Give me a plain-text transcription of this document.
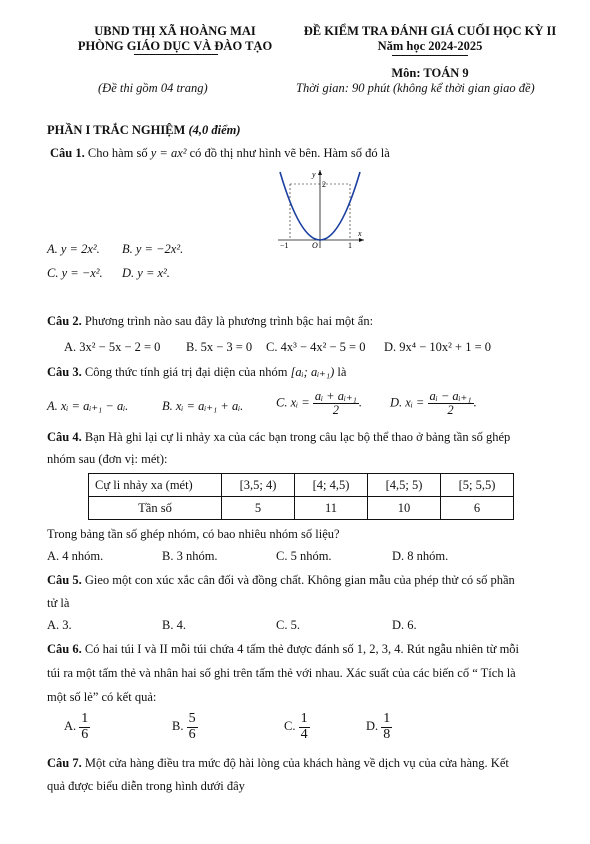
UBND THỊ XÃ HOÀNG MAI
PHÒNG GIÁO DỤC VÀ ĐÀO TẠO
ĐỀ KIỂM TRA ĐÁNH GIÁ CUỐI HỌC KỲ II
Năm học 2024-2025
Môn: TOÁN 9
(Đề thi gồm 04 trang)	Thời gian: 90 phút (không kể thời gian giao đề)
PHẦN I TRẮC NGHIỆM (4,0 điểm)
Câu 1. Cho hàm số y = ax² có đồ thị như hình vẽ bên. Hàm số đó là
y
x
2
O
−1	1
A. y = 2x². B. y = −2x².
C. y = −x². D. y = x².
Câu 2. Phương trình nào sau đây là phương trình bậc hai một ẩn:
A. 3x² − 5x − 2 = 0 B. 5x − 3 = 0 C. 4x³ − 4x² − 5 = 0 D. 9x⁴ − 10x² + 1 = 0
Câu 3. Công thức tính giá trị đại diện của nhóm [aᵢ; aᵢ₊₁) là
A. xᵢ = aᵢ₊₁ − aᵢ.	B. xᵢ = aᵢ₊₁ + aᵢ.	C. xᵢ = $\frac{\text{aᵢ + aᵢ₊₁}}{2}$ . D. xᵢ = $\frac{\text{aᵢ − aᵢ₊₁}}{2}$ .
Câu 4. Bạn Hà ghi lại cự li nhảy xa của các bạn trong câu lạc bộ thể thao ở bảng tần số ghép
nhóm sau (đơn vị: mét):
Cự li nhảy xa (mét)	[3,5; 4)	[4; 4,5)	[4,5; 5)	[5; 5,5)
Tần số	5	11	10	6
Trong bảng tần số ghép nhóm, có bao nhiêu nhóm số liệu?
A. 4 nhóm.	B. 3 nhóm.	C. 5 nhóm.	D. 8 nhóm.
Câu 5. Gieo một con xúc xắc cân đối và đồng chất. Không gian mẫu của phép thử có số phần
tử là
A. 3.	B. 4.	C. 5.	D. 6.
Câu 6. Có hai túi I và II mỗi túi chứa 4 tấm thẻ được đánh số 1, 2, 3, 4. Rút ngẫu nhiên từ mỗi
túi ra một tấm thẻ và nhân hai số ghi trên tấm thẻ với nhau. Xác suất của các biến cố “ Tích là
một số lẻ” có kết quả:
A. $\frac{1}{6}$	B. $\frac{5}{6}$	C. $\frac{1}{4}$	D. $\frac{1}{8}$
Câu 7. Một cửa hàng điều tra mức độ hài lòng của khách hàng về dịch vụ của cửa hàng. Kết
quả được biểu diễn trong hình dưới đây
